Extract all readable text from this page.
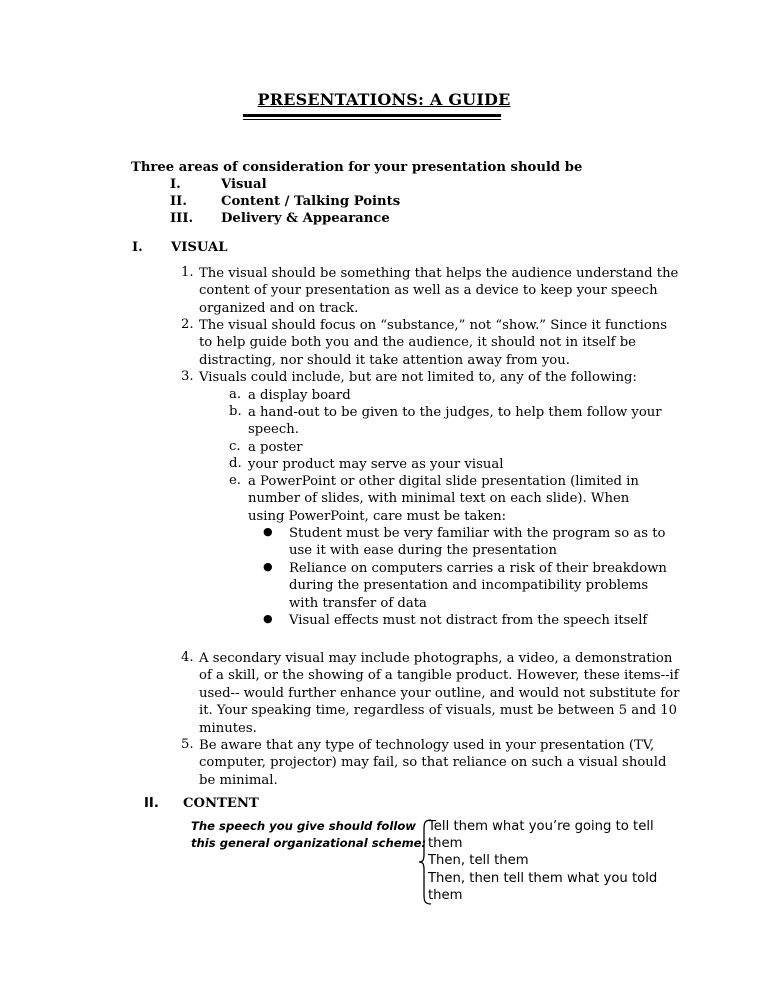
PRESENTATIONS: A GUIDE
Three areas of consideration for your presentation should be
I.	Visual
II.	Content / Talking Points
III. Delivery & Appearance
I. VISUAL
1. The visual should be something that helps the audience understand the
content of your presentation as well as a device to keep your speech
organized and on track.
2. The visual should focus on “substance,” not “show.” Since it functions
to help guide both you and the audience, it should not in itself be
distracting, nor should it take attention away from you.
3. Visuals could include, but are not limited to, any of the following:
a. a display board
b. a hand-out to be given to the judges, to help them follow your
speech.
c. a poster
d. your product may serve as your visual
e. a PowerPoint or other digital slide presentation (limited in
number of slides, with minimal text on each slide). When
using PowerPoint, care must be taken:
● Student must be very familiar with the program so as to
use it with ease during the presentation
● Reliance on computers carries a risk of their breakdown
during the presentation and incompatibility problems
with transfer of data
● Visual effects must not distract from the speech itself
4. A secondary visual may include photographs, a video, a demonstration
of a skill, or the showing of a tangible product. However, these items--if
used-- would further enhance your outline, and would not substitute for
it. Your speaking time, regardless of visuals, must be between 5 and 10
minutes.
5. Be aware that any type of technology used in your presentation (TV,
computer, projector) may fail, so that reliance on such a visual should
be minimal.
II. CONTENT
The speech you give should follow
this general organizational scheme:
Tell them what you’re going to tell
them
Then, tell them
Then, then tell them what you told
them
